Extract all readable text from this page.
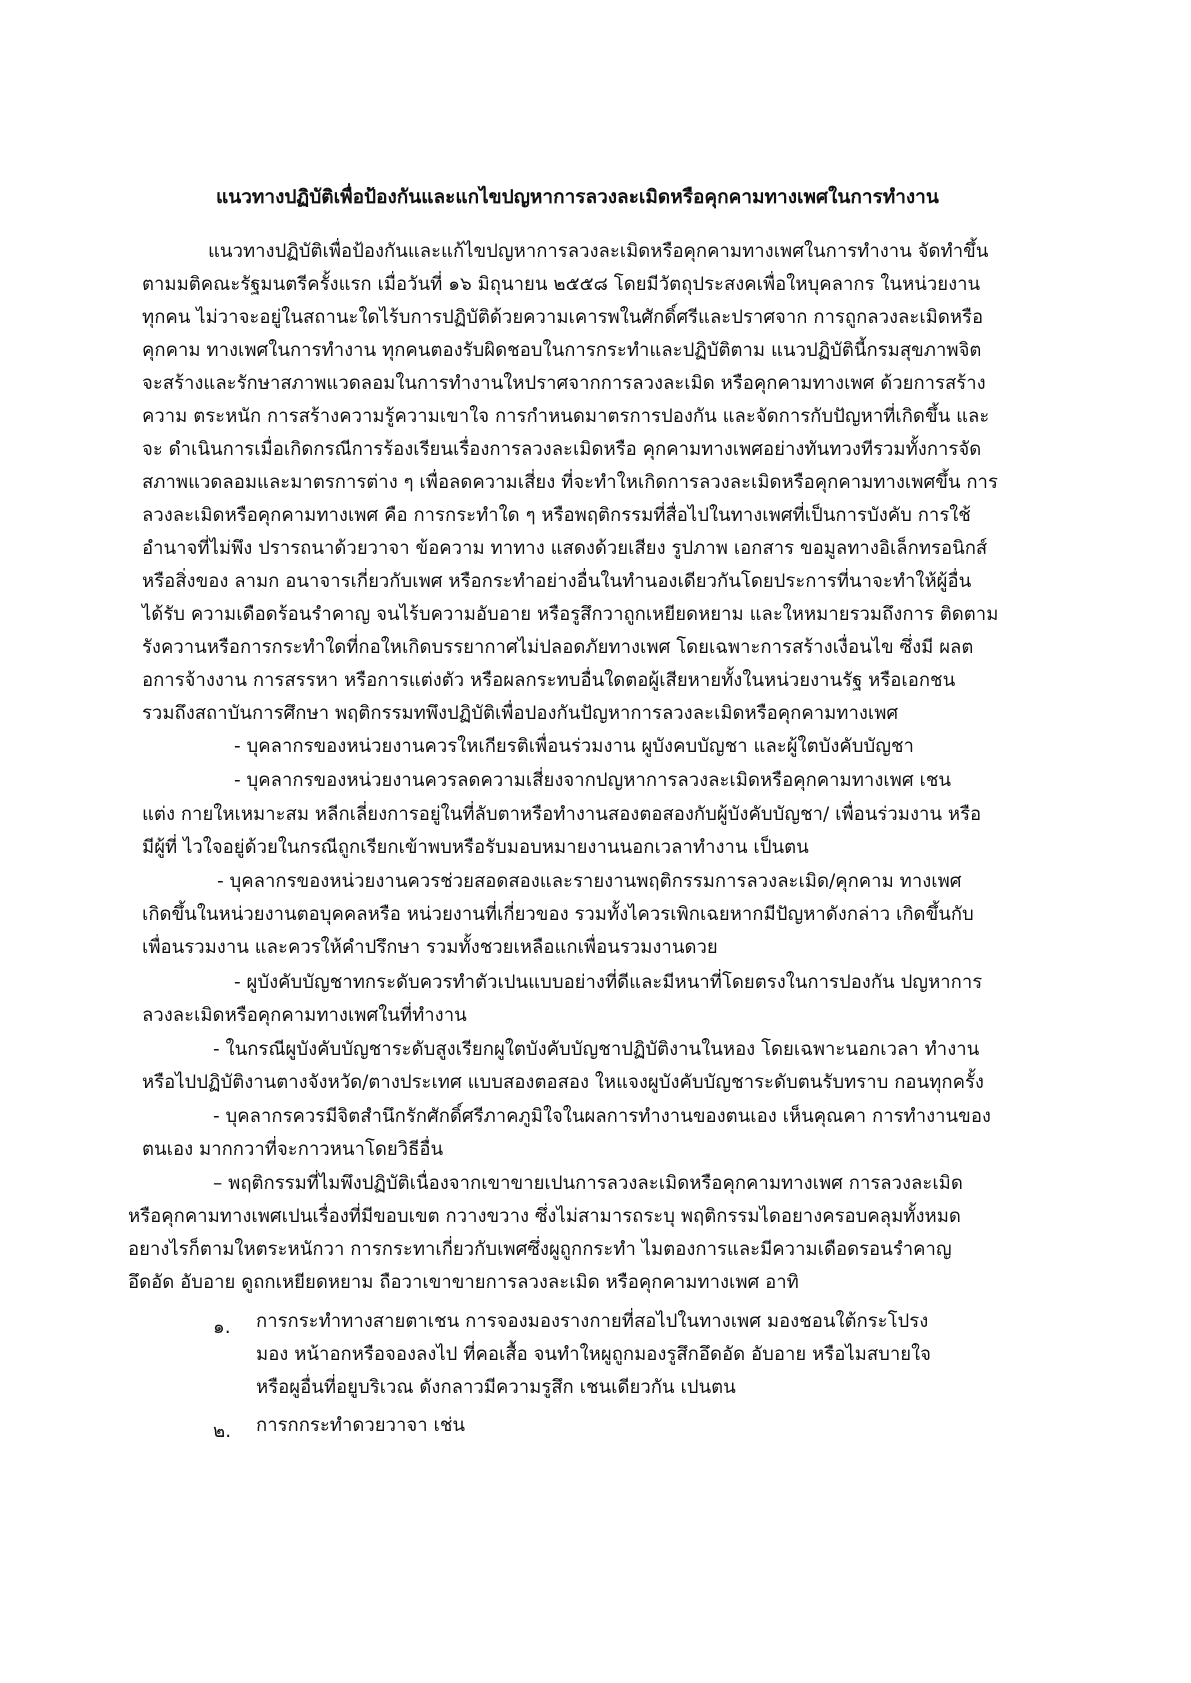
แนวทางปฏิบัติเพื่อป้องกันและแกไขปญหาการลวงละเมิดหรือคุกคามทางเพศในการทำงาน
แนวทางปฏิบัติเพื่อป้องกันและแก้ไขปญหาการลวงละเมิดหรือคุกคามทางเพศในการทำงาน จัดทำขึ้น
ตามมติคณะรัฐมนตรีครั้งแรก เมื่อวันที่ ๑๖ มิถุนายน ๒๕๕๘ โดยมีวัตถุประสงคเพื่อใหบุคลากร ในหน่วยงาน
ทุกคน ไม่วาจะอยู่ในสถานะใดไร้บการปฏิบัติด้วยความเคารพในศักดิ์ศรีและปราศจาก การถูกลวงละเมิดหรือ
คุกคาม ทางเพศในการทำงาน ทุกคนตองรับผิดชอบในการกระทำและปฏิบัติตาม แนวปฏิบัตินี้กรมสุขภาพจิต
จะสร้างและรักษาสภาพแวดลอมในการทำงานใหปราศจากการลวงละเมิด หรือคุกคามทางเพศ ด้วยการสร้าง
ความ ตระหนัก การสร้างความรู้ความเขาใจ การกำหนดมาตรการปองกัน และจัดการกับปัญหาที่เกิดขึ้น และ
จะ ดำเนินการเมื่อเกิดกรณีการร้องเรียนเรื่องการลวงละเมิดหรือ คุกคามทางเพศอย่างทันทวงทีรวมทั้งการจัด
สภาพแวดลอมและมาตรการต่าง ๆ เพื่อลดความเสี่ยง ที่จะทำใหเกิดการลวงละเมิดหรือคุกคามทางเพศขึ้น การ
ลวงละเมิดหรือคุกคามทางเพศ คือ การกระทำใด ๆ หรือพฤติกรรมที่สื่อไปในทางเพศที่เป็นการบังคับ การใช้
อำนาจที่ไม่พึง ปรารถนาด้วยวาจา ข้อความ ทาทาง แสดงด้วยเสียง รูปภาพ เอกสาร ขอมูลทางอิเล็กทรอนิกส์
หรือสิ่งของ ลามก อนาจารเกี่ยวกับเพศ หรือกระทำอย่างอื่นในทำนองเดียวกันโดยประการที่นาจะทำให้ผู้อื่น
ได้รับ ความเดือดร้อนรำคาญ จนไร้บความอับอาย หรือรูสึกวาถูกเหยียดหยาม และใหหมายรวมถึงการ ติดตาม
รังควานหรือการกระทำใดที่กอใหเกิดบรรยากาศไม่ปลอดภัยทางเพศ โดยเฉพาะการสร้างเงื่อนไข ซึ่งมี ผลต
อการจ้างงาน การสรรหา หรือการแต่งตัว หรือผลกระทบอื่นใดตอผู้เสียหายทั้งในหน่วยงานรัฐ หรือเอกชน
รวมถึงสถาบันการศึกษา พฤติกรรมทพึงปฏิบัติเพื่อปองกันปัญหาการลวงละเมิดหรือคุกคามทางเพศ
- บุคลากรของหน่วยงานควรใหเกียรติเพื่อนร่วมงาน ผูบังคบบัญชา และผู้ใตบังคับบัญชา
- บุคลากรของหน่วยงานควรลดความเสี่ยงจากปญหาการลวงละเมิดหรือคุกคามทางเพศ เชน
แต่ง กายใหเหมาะสม หลีกเลี่ยงการอยู่ในที่ลับตาหรือทำงานสองตอสองกับผู้บังคับบัญชา/ เพื่อนร่วมงาน หรือ
มีผู้ที่ ไวใจอยู่ด้วยในกรณีถูกเรียกเข้าพบหรือรับมอบหมายงานนอกเวลาทำงาน เป็นตน
- บุคลากรของหน่วยงานควรช่วยสอดสองและรายงานพฤติกรรมการลวงละเมิด/คุกคาม ทางเพศ
เกิดขึ้นในหน่วยงานตอบุคคลหรือ หน่วยงานที่เกี่ยวของ รวมทั้งไควรเพิกเฉยหากมีปัญหาดังกล่าว เกิดขึ้นกับ
เพื่อนรวมงาน และควรให้คำปรึกษา รวมทั้งชวยเหลือแกเพื่อนรวมงานดวย
- ผูบังคับบัญชาทกระดับควรทำตัวเปนแบบอย่างที่ดีและมีหนาที่โดยตรงในการปองกัน ปญหาการ
ลวงละเมิดหรือคุกคามทางเพศในที่ทำงาน
- ในกรณีผูบังคับบัญชาระดับสูงเรียกผูใตบังคับบัญชาปฏิบัติงานในหอง โดยเฉพาะนอกเวลา ทำงาน
หรือไปปฏิบัติงานตางจังหวัด/ตางประเทศ แบบสองตอสอง ใหแจงผูบังคับบัญชาระดับตนรับทราบ กอนทุกครั้ง
- บุคลากรควรมีจิตสำนึกรักศักดิ์ศรีภาคภูมิใจในผลการทำงานของตนเอง เห็นคุณคา การทำงานของ
ตนเอง มากกวาที่จะกาวหนาโดยวิธีอื่น
– พฤติกรรมที่ไมพึงปฏิบัติเนื่องจากเขาขายเปนการลวงละเมิดหรือคุกคามทางเพศ การลวงละเมิด
หรือคุกคามทางเพศเปนเรื่องที่มีขอบเขต กวางขวาง ซึ่งไม่สามารถระบุ พฤติกรรมไดอยางครอบคลุมทั้งหมด
อยางไรก็ตามใหตระหนักวา การกระทาเกี่ยวกับเพศซึ่งผูถูกกระทำ ไมตองการและมีความเดือดรอนรำคาญ
อึดอัด อับอาย ดูถกเหยียดหยาม ถือวาเขาขายการลวงละเมิด หรือคุกคามทางเพศ อาทิ
๑. การกระทำทางสายตาเชน การจองมองรางกายที่สอไปในทางเพศ มองชอนใต้กระโปรง
มอง หน้าอกหรือจองลงไป ที่คอเสื้อ จนทำใหผูถูกมองรูสึกอึดอัด อับอาย หรือไมสบายใจ
หรือผูอื่นที่อยูบริเวณ ดังกลาวมีความรูสึก เชนเดียวกัน เปนตน
๒. การกกระทำดวยวาจา เช่น
